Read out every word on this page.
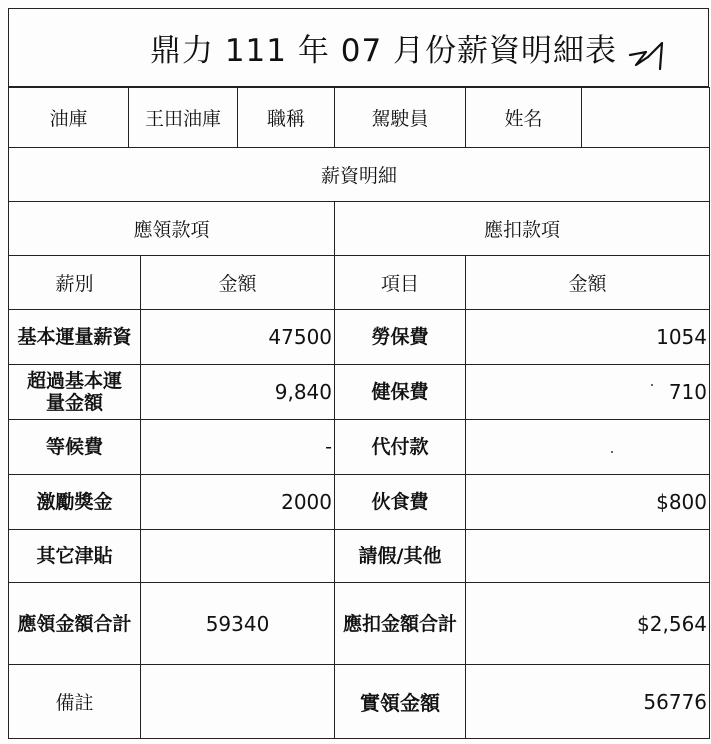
鼎力 111 年 07 月份薪資明細表
油庫	王田油庫		職稱	駕駛員	姓名	
薪資明細						
應領款項				應扣款項		
薪別		金額		項目	金額	
基本運量薪資		47500		勞保費	1054	
超過基本運量金額		9,840		健保費	710	
等候費		-		代付款		
激勵獎金		2000		伙食費	$800	
其它津貼				請假/其他		
應領金額合計		59340		應扣金額合計	$2,564	
備註				實領金額	56776	
